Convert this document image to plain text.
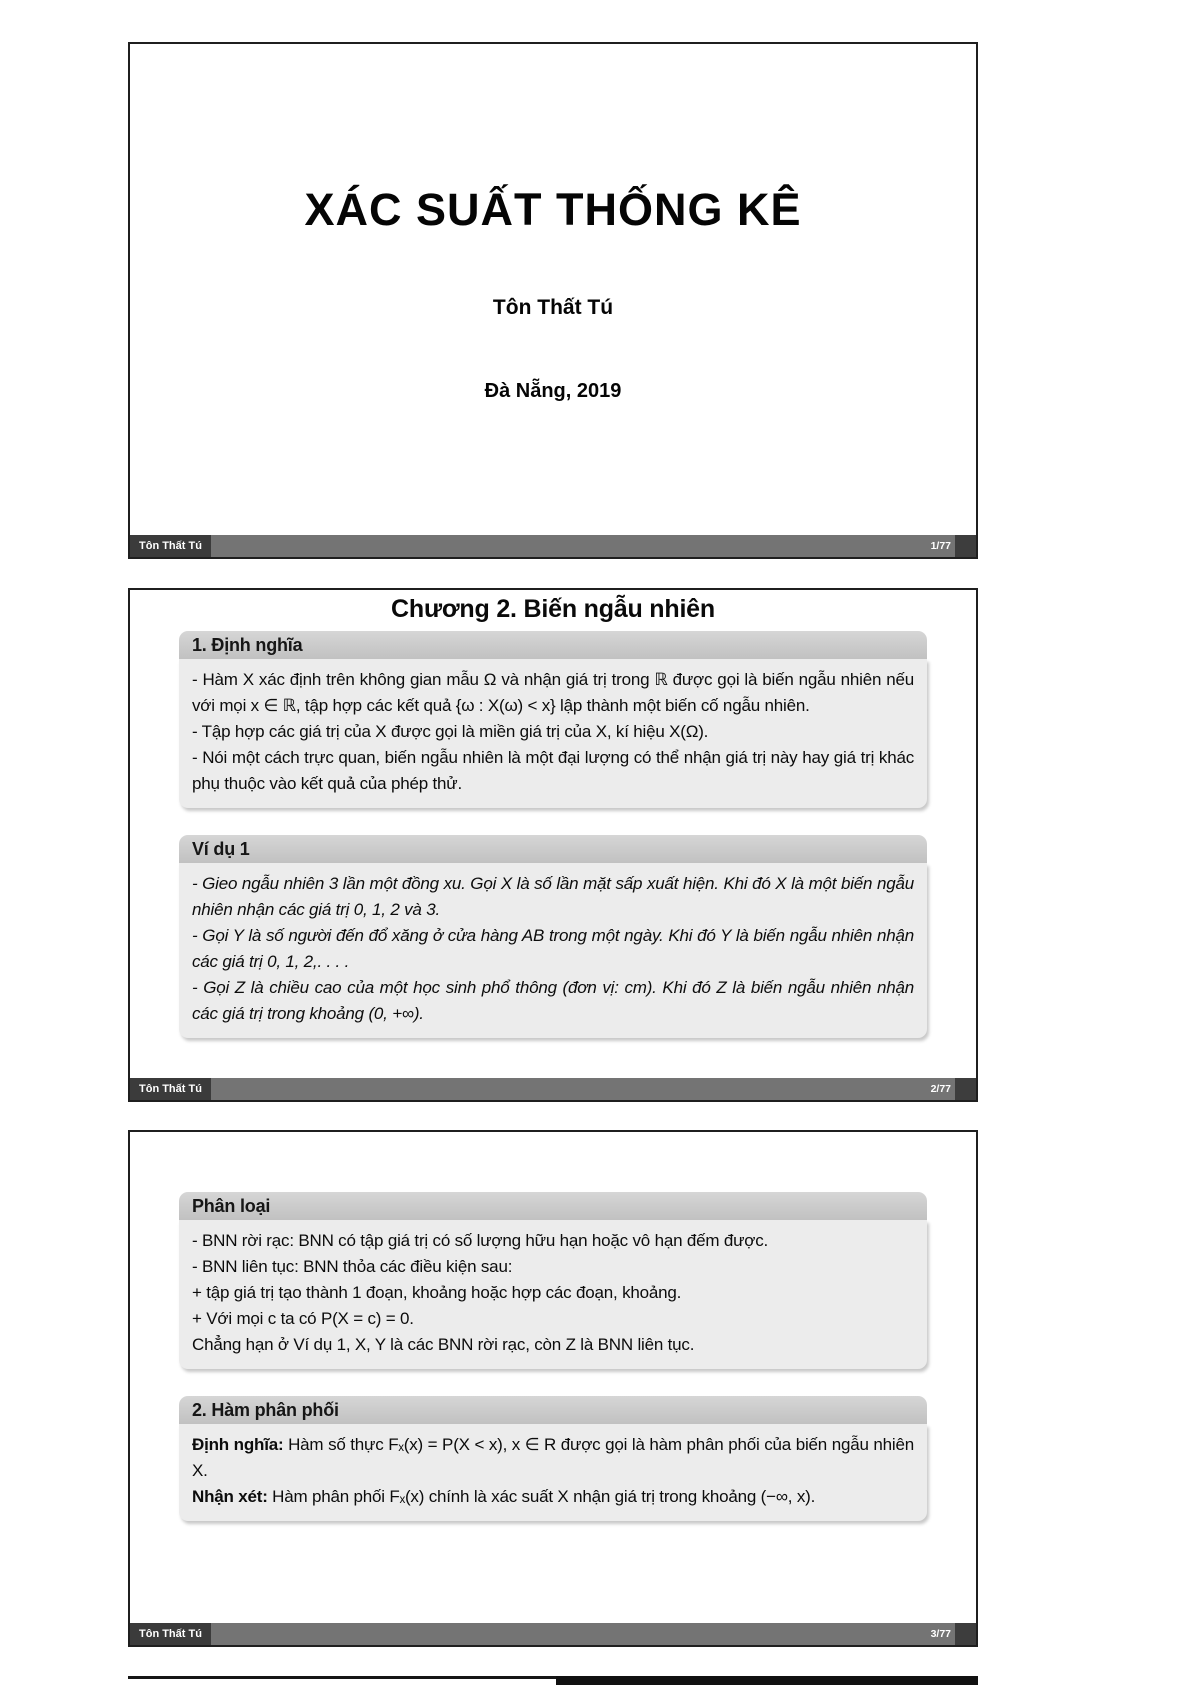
XÁC SUẤT THỐNG KÊ
Tôn Thất Tú
Đà Nẵng, 2019
Tôn Thất Tú	1/77
Chương 2. Biến ngẫu nhiên
1. Định nghĩa

- Hàm X xác định trên không gian mẫu Ω và nhận giá trị trong ℝ được gọi là biến ngẫu nhiên nếu với mọi x ∈ ℝ, tập hợp các kết quả {ω : X(ω) < x} lập thành một biến cố ngẫu nhiên.

- Tập hợp các giá trị của X được gọi là miền giá trị của X, kí hiệu X(Ω).

- Nói một cách trực quan, biến ngẫu nhiên là một đại lượng có thể nhận giá trị này hay giá trị khác phụ thuộc vào kết quả của phép thử.

Ví dụ 1

- Gieo ngẫu nhiên 3 lần một đồng xu. Gọi X là số lần mặt sấp xuất hiện. Khi đó X là một biến ngẫu nhiên nhận các giá trị 0, 1, 2 và 3.

- Gọi Y là số người đến đổ xăng ở cửa hàng AB trong một ngày. Khi đó Y là biến ngẫu nhiên nhận các giá trị 0, 1, 2,. . . .

- Gọi Z là chiều cao của một học sinh phổ thông (đơn vị: cm). Khi đó Z là biến ngẫu nhiên nhận các giá trị trong khoảng (0, +∞).

Tôn Thất Tú	2/77
Phân loại

- BNN rời rạc: BNN có tập giá trị có số lượng hữu hạn hoặc vô hạn đếm được.

- BNN liên tục: BNN thỏa các điều kiện sau:

+ tập giá trị tạo thành 1 đoạn, khoảng hoặc hợp các đoạn, khoảng.

+ Với mọi c ta có P(X = c) = 0.

Chẳng hạn ở Ví dụ 1, X, Y là các BNN rời rạc, còn Z là BNN liên tục.

2. Hàm phân phối

Định nghĩa: Hàm số thực Fₓ(x) = P(X < x), x ∈ R được gọi là hàm phân phối của biến ngẫu nhiên X.

Nhận xét: Hàm phân phối Fₓ(x) chính là xác suất X nhận giá trị trong khoảng (−∞, x).

Tôn Thất Tú	3/77
